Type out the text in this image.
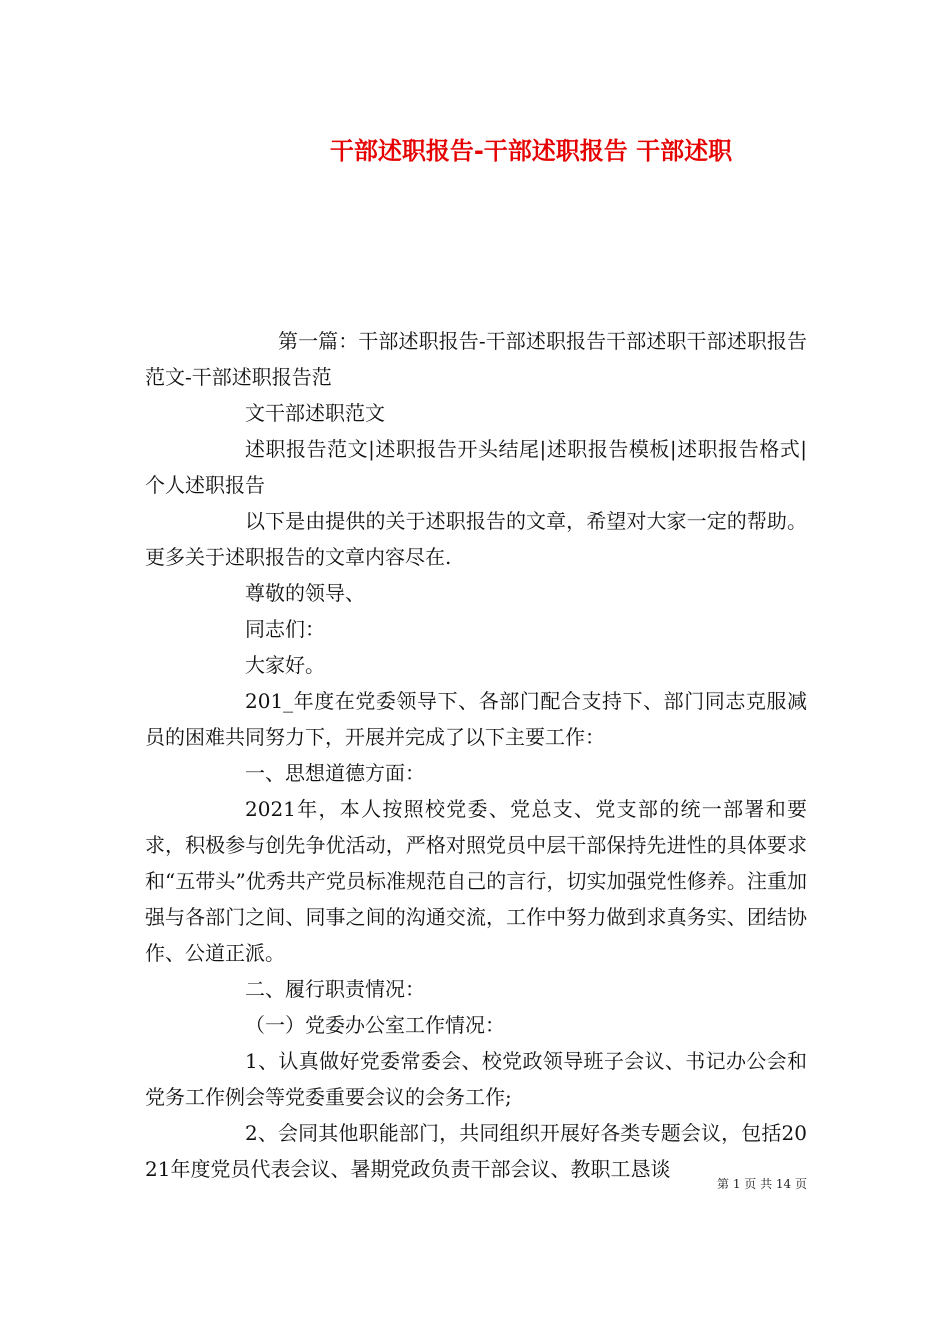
干部述职报告-干部述职报告 干部述职

第一篇：干部述职报告-干部述职报告干部述职干部述职报告范文-干部述职报告范

文干部述职范文

述职报告范文|述职报告开头结尾|述职报告模板|述职报告格式|个人述职报告

以下是由提供的关于述职报告的文章，希望对大家一定的帮助。更多关于述职报告的文章内容尽在.

尊敬的领导、

同志们：

大家好。

201_年度在党委领导下、各部门配合支持下、部门同志克服减员的困难共同努力下，开展并完成了以下主要工作：

一、思想道德方面：

2021年，本人按照校党委、党总支、党支部的统一部署和要求，积极参与创先争优活动，严格对照党员中层干部保持先进性的具体要求和“五带头”优秀共产党员标准规范自己的言行，切实加强党性修养。注重加强与各部门之间、同事之间的沟通交流，工作中努力做到求真务实、团结协作、公道正派。

二、履行职责情况：

（一）党委办公室工作情况：

1、认真做好党委常委会、校党政领导班子会议、书记办公会和党务工作例会等党委重要会议的会务工作;

2、会同其他职能部门，共同组织开展好各类专题会议，包括2021年度党员代表会议、暑期党政负责干部会议、教职工恳谈

第 1 页 共 14 页
